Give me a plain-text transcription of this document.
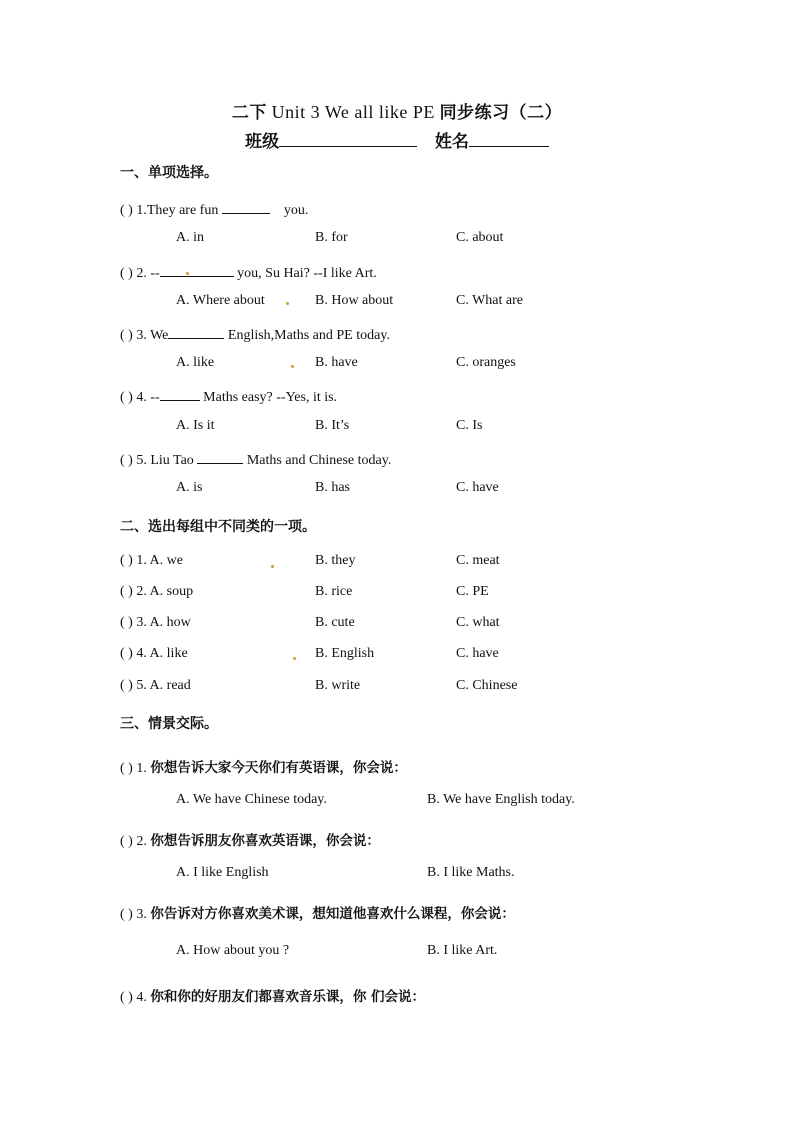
二下 Unit 3 We all like PE 同步练习（二）
班级	姓名
一、单项选择。
( ) 1.They are fun	you.
A. in	B. for	C. about
( ) 2. --	you, Su Hai? --I like Art.
A. Where about	B. How about	C. What are
( ) 3. We	English,Maths and PE today.
A. like	B. have	C. oranges
( ) 4. --	Maths easy? --Yes, it is.
A. Is it	B. It’s	C. Is
( ) 5. Liu Tao	Maths and Chinese today.
A. is	B. has	C. have
二、选出每组中不同类的一项。
( ) 1. A. we	B. they	C. meat
( ) 2. A. soup	B. rice	C. PE
( ) 3. A. how	B. cute	C. what
( ) 4. A. like	B. English	C. have
( ) 5. A. read	B. write	C. Chinese
三、情景交际。
( ) 1. 你想告诉大家今天你们有英语课，你会说：
A. We have Chinese today.	B. We have English today.
( ) 2. 你想告诉朋友你喜欢英语课，你会说：
A. I like English	B. I like Maths.
( ) 3. 你告诉对方你喜欢美术课，想知道他喜欢什么课程，你会说：
A. How about you ?	B. I like Art.
( ) 4. 你和你的好朋友们都喜欢音乐课，你 们会说：
